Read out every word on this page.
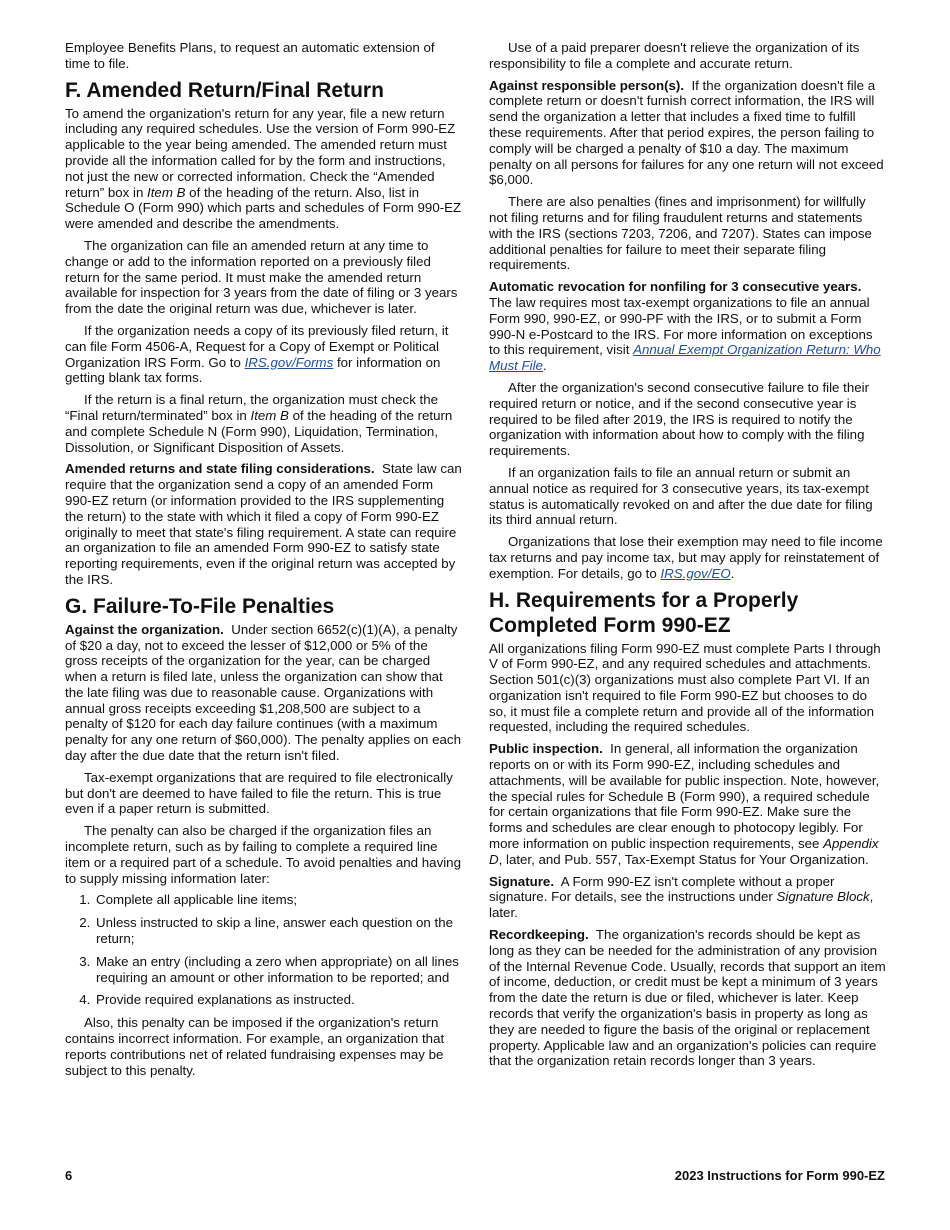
Employee Benefits Plans, to request an automatic extension of time to file.

F. Amended Return/Final Return

To amend the organization's return for any year, file a new return including any required schedules. Use the version of Form 990-EZ applicable to the year being amended. The amended return must provide all the information called for by the form and instructions, not just the new or corrected information. Check the “Amended return” box in Item B of the heading of the return. Also, list in Schedule O (Form 990) which parts and schedules of Form 990-EZ were amended and describe the amendments.

The organization can file an amended return at any time to change or add to the information reported on a previously filed return for the same period. It must make the amended return available for inspection for 3 years from the date of filing or 3 years from the date the original return was due, whichever is later.

If the organization needs a copy of its previously filed return, it can file Form 4506-A, Request for a Copy of Exempt or Political Organization IRS Form. Go to IRS.gov/Forms for information on getting blank tax forms.

If the return is a final return, the organization must check the “Final return/terminated” box in Item B of the heading of the return and complete Schedule N (Form 990), Liquidation, Termination, Dissolution, or Significant Disposition of Assets.

Amended returns and state filing considerations. State law can require that the organization send a copy of an amended Form 990-EZ return (or information provided to the IRS supplementing the return) to the state with which it filed a copy of Form 990-EZ originally to meet that state's filing requirement. A state can require an organization to file an amended Form 990-EZ to satisfy state reporting requirements, even if the original return was accepted by the IRS.

G. Failure-To-File Penalties

Against the organization. Under section 6652(c)(1)(A), a penalty of $20 a day, not to exceed the lesser of $12,000 or 5% of the gross receipts of the organization for the year, can be charged when a return is filed late, unless the organization can show that the late filing was due to reasonable cause. Organizations with annual gross receipts exceeding $1,208,500 are subject to a penalty of $120 for each day failure continues (with a maximum penalty for any one return of $60,000). The penalty applies on each day after the due date that the return isn't filed.

Tax-exempt organizations that are required to file electronically but don't are deemed to have failed to file the return. This is true even if a paper return is submitted.

The penalty can also be charged if the organization files an incomplete return, such as by failing to complete a required line item or a required part of a schedule. To avoid penalties and having to supply missing information later:

1. Complete all applicable line items;
2. Unless instructed to skip a line, answer each question on the return;
3. Make an entry (including a zero when appropriate) on all lines requiring an amount or other information to be reported; and
4. Provide required explanations as instructed.

Also, this penalty can be imposed if the organization's return contains incorrect information. For example, an organization that reports contributions net of related fundraising expenses may be subject to this penalty.

Use of a paid preparer doesn't relieve the organization of its responsibility to file a complete and accurate return.

Against responsible person(s). If the organization doesn't file a complete return or doesn't furnish correct information, the IRS will send the organization a letter that includes a fixed time to fulfill these requirements. After that period expires, the person failing to comply will be charged a penalty of $10 a day. The maximum penalty on all persons for failures for any one return will not exceed $6,000.

There are also penalties (fines and imprisonment) for willfully not filing returns and for filing fraudulent returns and statements with the IRS (sections 7203, 7206, and 7207). States can impose additional penalties for failure to meet their separate filing requirements.

Automatic revocation for nonfiling for 3 consecutive years. The law requires most tax-exempt organizations to file an annual Form 990, 990-EZ, or 990-PF with the IRS, or to submit a Form 990-N e-Postcard to the IRS. For more information on exceptions to this requirement, visit Annual Exempt Organization Return: Who Must File.

After the organization's second consecutive failure to file their required return or notice, and if the second consecutive year is required to be filed after 2019, the IRS is required to notify the organization with information about how to comply with the filing requirements.

If an organization fails to file an annual return or submit an annual notice as required for 3 consecutive years, its tax-exempt status is automatically revoked on and after the due date for filing its third annual return.

Organizations that lose their exemption may need to file income tax returns and pay income tax, but may apply for reinstatement of exemption. For details, go to IRS.gov/EO.

H. Requirements for a Properly Completed Form 990-EZ

All organizations filing Form 990-EZ must complete Parts I through V of Form 990-EZ, and any required schedules and attachments. Section 501(c)(3) organizations must also complete Part VI. If an organization isn't required to file Form 990-EZ but chooses to do so, it must file a complete return and provide all of the information requested, including the required schedules.

Public inspection. In general, all information the organization reports on or with its Form 990-EZ, including schedules and attachments, will be available for public inspection. Note, however, the special rules for Schedule B (Form 990), a required schedule for certain organizations that file Form 990-EZ. Make sure the forms and schedules are clear enough to photocopy legibly. For more information on public inspection requirements, see Appendix D, later, and Pub. 557, Tax-Exempt Status for Your Organization.

Signature. A Form 990-EZ isn't complete without a proper signature. For details, see the instructions under Signature Block, later.

Recordkeeping. The organization's records should be kept as long as they can be needed for the administration of any provision of the Internal Revenue Code. Usually, records that support an item of income, deduction, or credit must be kept a minimum of 3 years from the date the return is due or filed, whichever is later. Keep records that verify the organization's basis in property as long as they are needed to figure the basis of the original or replacement property. Applicable law and an organization's policies can require that the organization retain records longer than 3 years.

6	2023 Instructions for Form 990-EZ
